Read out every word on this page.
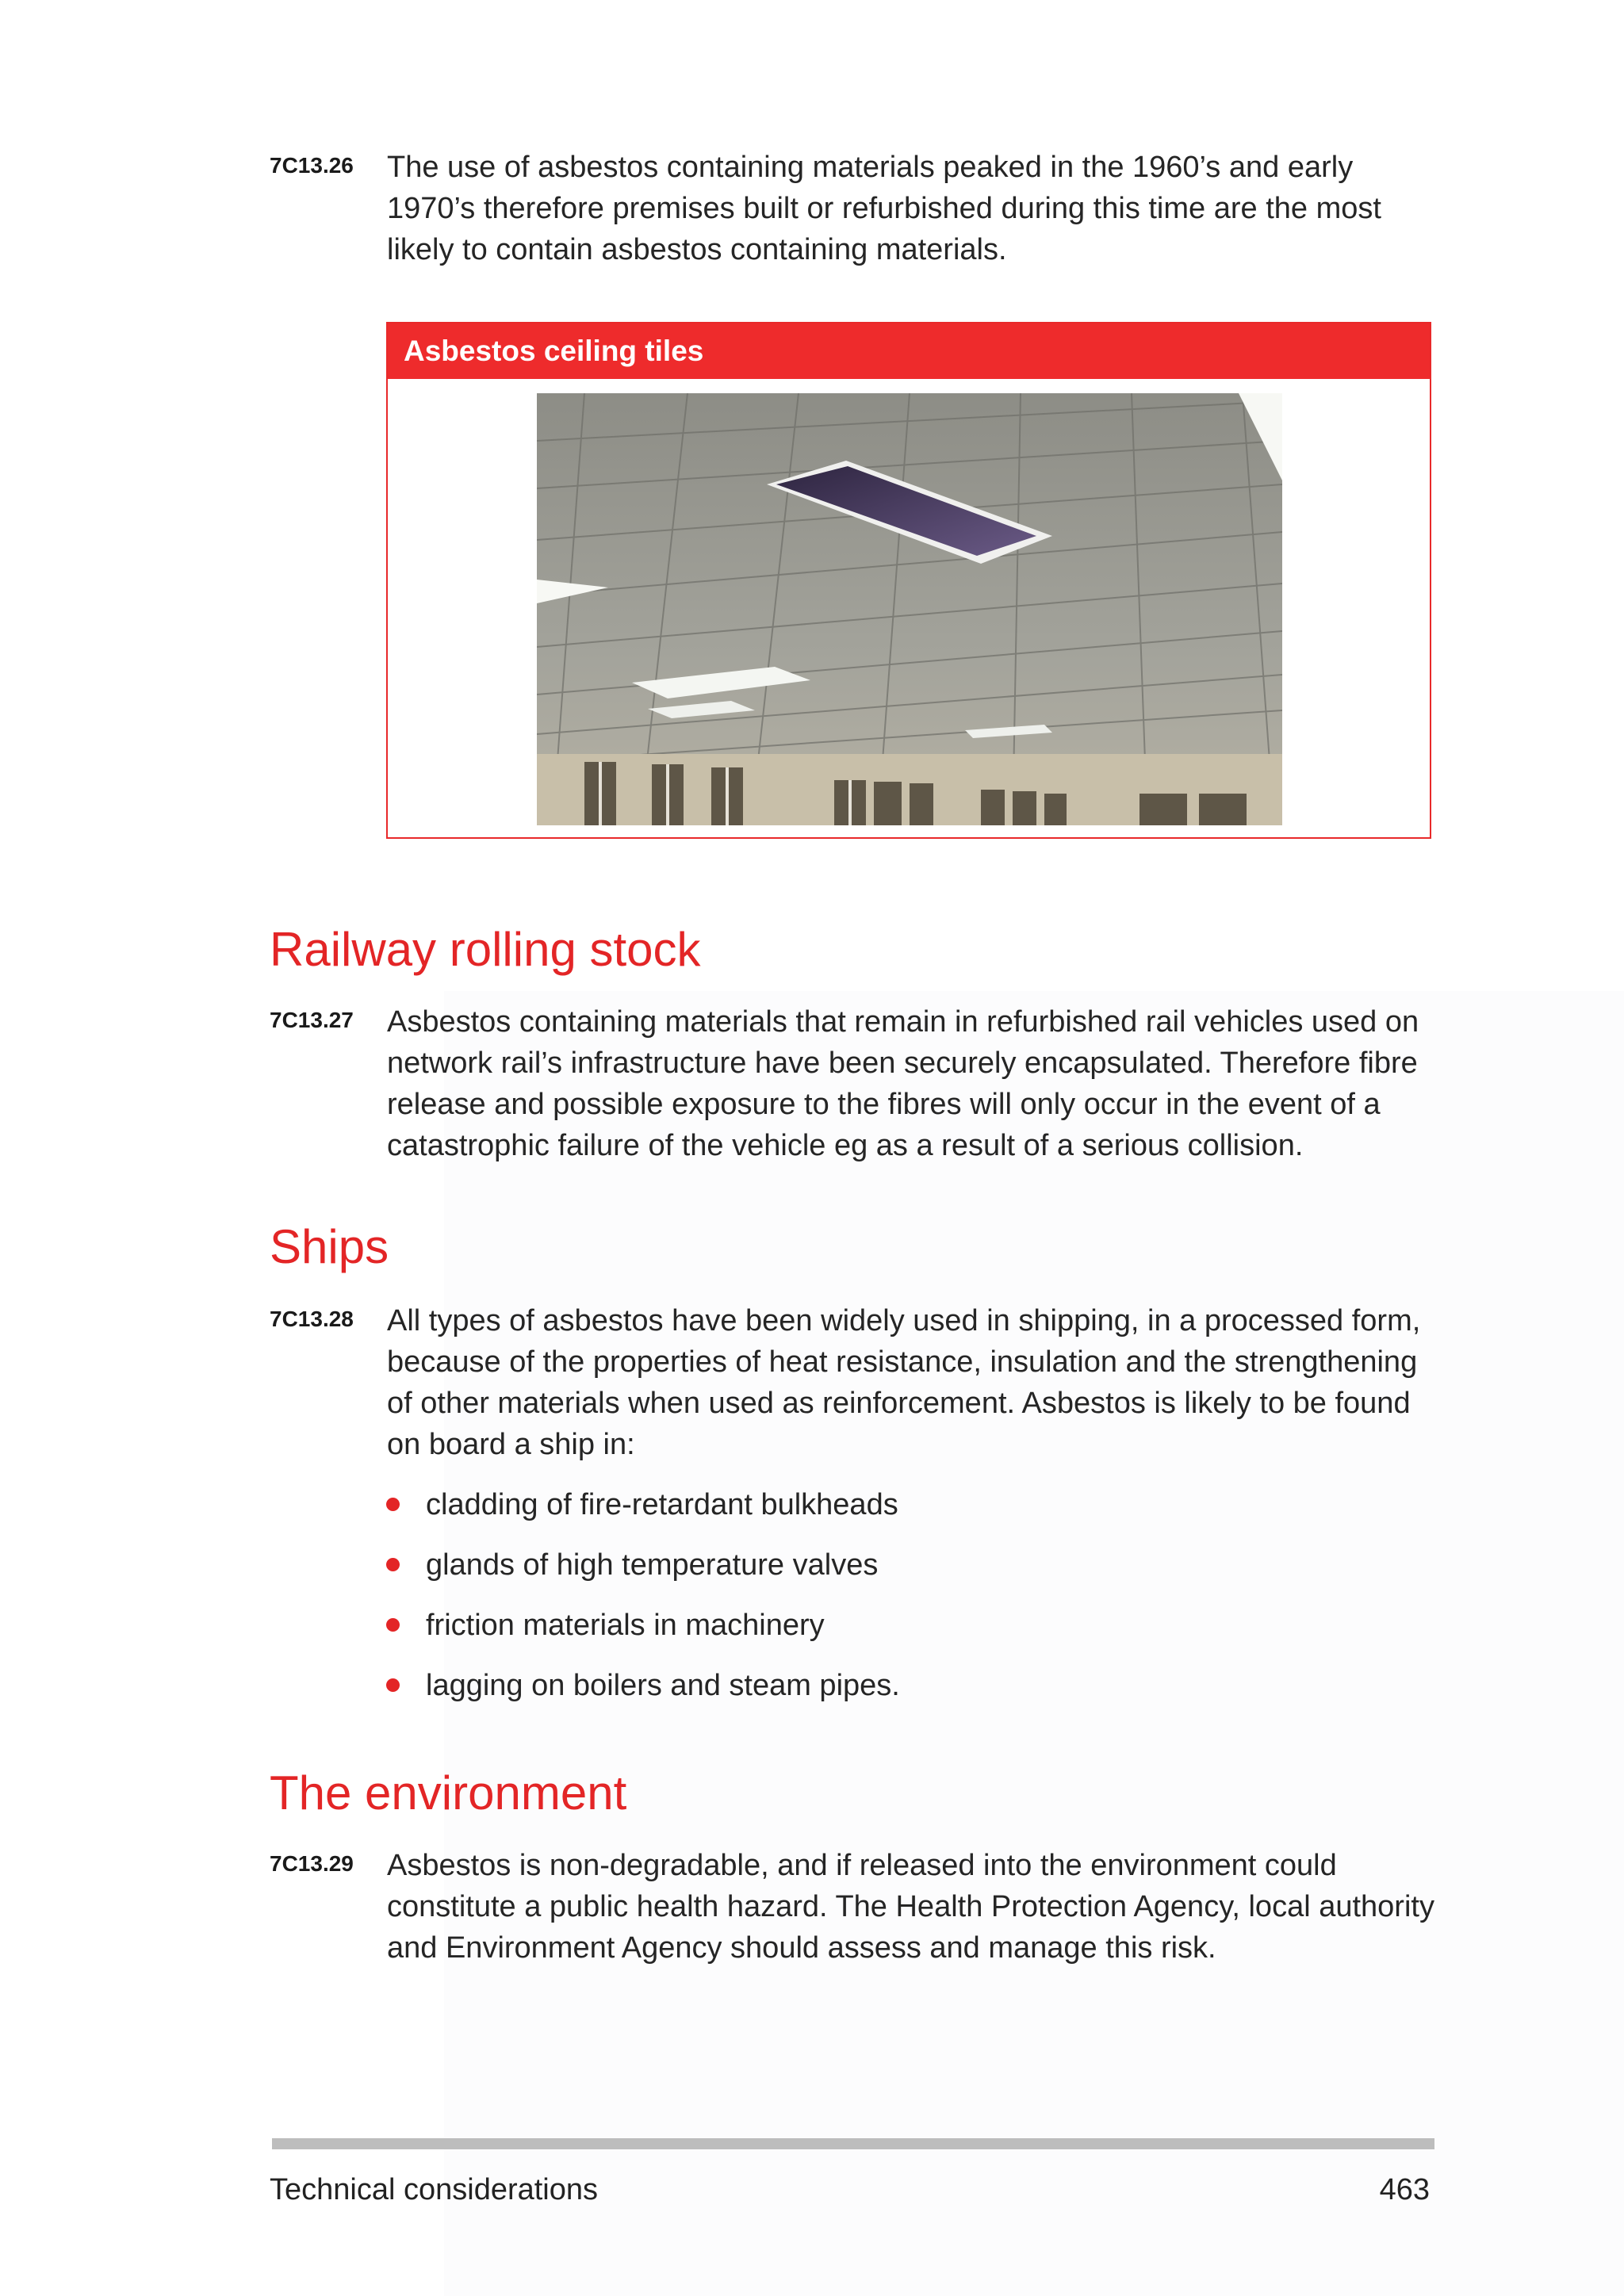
7C13.26 The use of asbestos containing materials peaked in the 1960’s and early 1970’s therefore premises built or refurbished during this time are the most likely to contain asbestos containing materials.
Asbestos ceiling tiles
Railway rolling stock
7C13.27 Asbestos containing materials that remain in refurbished rail vehicles used on network rail’s infrastructure have been securely encapsulated. Therefore fibre release and possible exposure to the fibres will only occur in the event of a catastrophic failure of the vehicle eg as a result of a serious collision.
Ships
7C13.28 All types of asbestos have been widely used in shipping, in a processed form, because of the properties of heat resistance, insulation and the strengthening of other materials when used as reinforcement. Asbestos is likely to be found on board a ship in:
cladding of fire-retardant bulkheads
glands of high temperature valves
friction materials in machinery
lagging on boilers and steam pipes.
The environment
7C13.29 Asbestos is non-degradable, and if released into the environment could constitute a public health hazard. The Health Protection Agency, local authority and Environment Agency should assess and manage this risk.
Technical considerations	463
